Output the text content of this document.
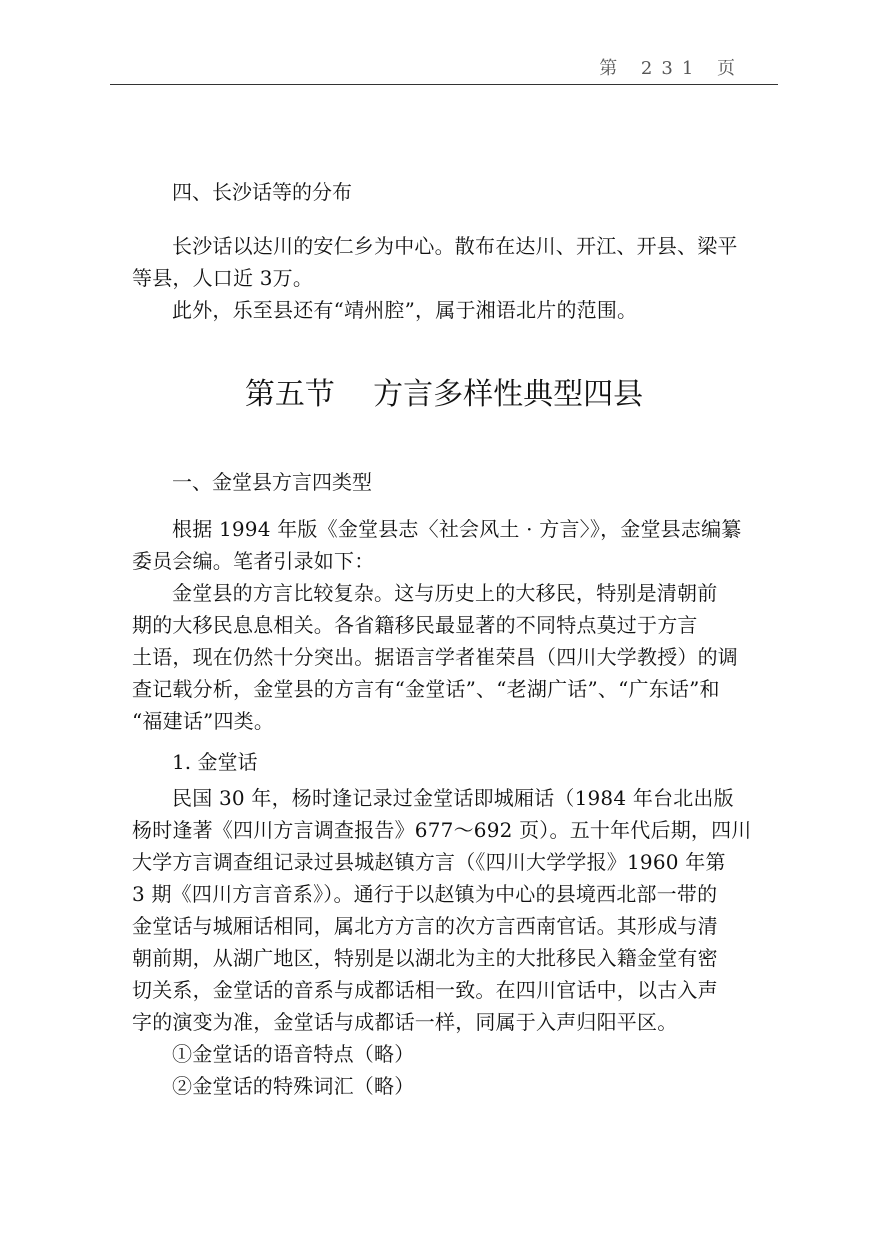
第 231 页
四、长沙话等的分布
长沙话以达川的安仁乡为中心。散布在达川、开江、开县、梁平
等县，人口近 3万。
此外，乐至县还有“靖州腔”，属于湘语北片的范围。
第五节    方言多样性典型四县
一、金堂县方言四类型
根据 1994 年版《金堂县志〈社会风土 · 方言〉》，金堂县志编纂
委员会编。笔者引录如下：
金堂县的方言比较复杂。这与历史上的大移民，特别是清朝前
期的大移民息息相关。各省籍移民最显著的不同特点莫过于方言
土语，现在仍然十分突出。据语言学者崔荣昌（四川大学教授）的调
查记载分析，金堂县的方言有“金堂话”、“老湖广话”、“广东话”和
“福建话”四类。
1. 金堂话
民国 30 年，杨时逢记录过金堂话即城厢话（1984 年台北出版
杨时逢著《四川方言调查报告》677～692 页）。五十年代后期，四川
大学方言调查组记录过县城赵镇方言（《四川大学学报》1960 年第
3 期《四川方言音系》）。通行于以赵镇为中心的县境西北部一带的
金堂话与城厢话相同，属北方方言的次方言西南官话。其形成与清
朝前期，从湖广地区，特别是以湖北为主的大批移民入籍金堂有密
切关系，金堂话的音系与成都话相一致。在四川官话中，以古入声
字的演变为准，金堂话与成都话一样，同属于入声归阳平区。
①金堂话的语音特点（略）
②金堂话的特殊词汇（略）
